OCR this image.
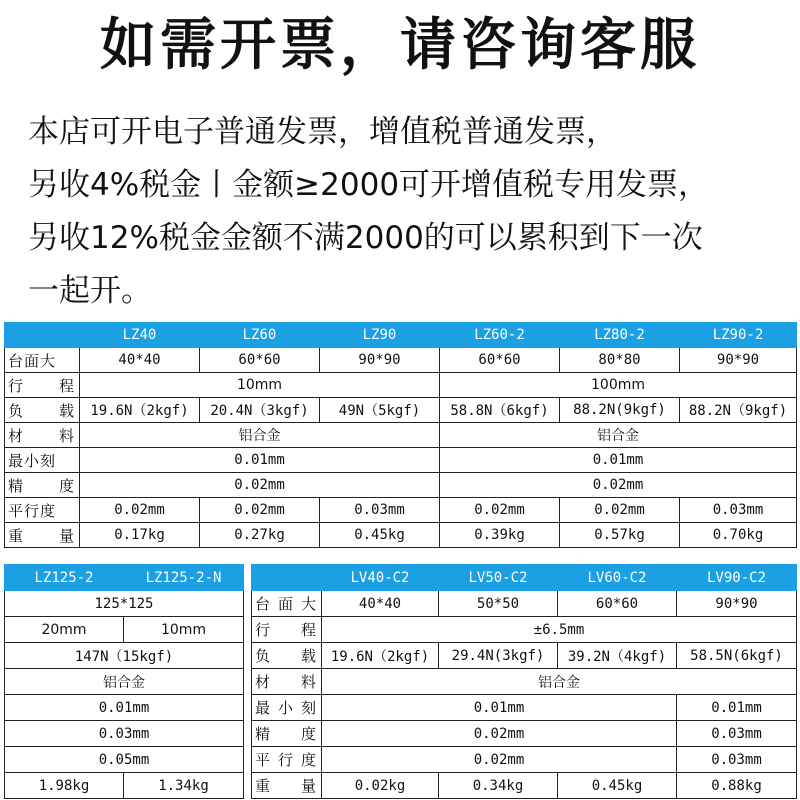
如需开票，请咨询客服
本店可开电子普通发票，增值税普通发票，
另收4%税金丨金额≥2000可开增值税专用发票，
另收12%税金金额不满2000的可以累积到下一次
一起开。
	LZ40	LZ60	LZ90	LZ60-2	LZ80-2	LZ90-2
台面大	40*40	60*60	90*90	60*60	80*80	90*90
行程	10mm			100mm		
负载	19.6N（2kgf)	20.4N（3kgf)	49N（5kgf)	58.8N（6kgf)	88.2N(9kgf)	88.2N（9kgf)
材料	铝合金			铝合金		
最小刻	0.01mm			0.01mm		
精度	0.02mm			0.02mm		
平行度	0.02mm	0.02mm	0.03mm	0.02mm	0.02mm	0.03mm
重量	0.17kg	0.27kg	0.45kg	0.39kg	0.57kg	0.70kg
LZ125-2	LZ125-2-N
125*125	
20mm	10mm
147N（15kgf)	
铝合金	
0.01mm	
0.03mm	
0.05mm	
1.98kg	1.34kg
	LV40-C2	LV50-C2	LV60-C2	LV90-C2
台面大	40*40	50*50	60*60	90*90
行程	±6.5mm			
负载	19.6N（2kgf)	29.4N(3kgf)	39.2N（4kgf)	58.5N(6kgf)
材料	铝合金			
最小刻	0.01mm			0.01mm
精度	0.02mm			0.03mm
平行度	0.02mm			0.03mm
重量	0.02kg	0.34kg	0.45kg	0.88kg
